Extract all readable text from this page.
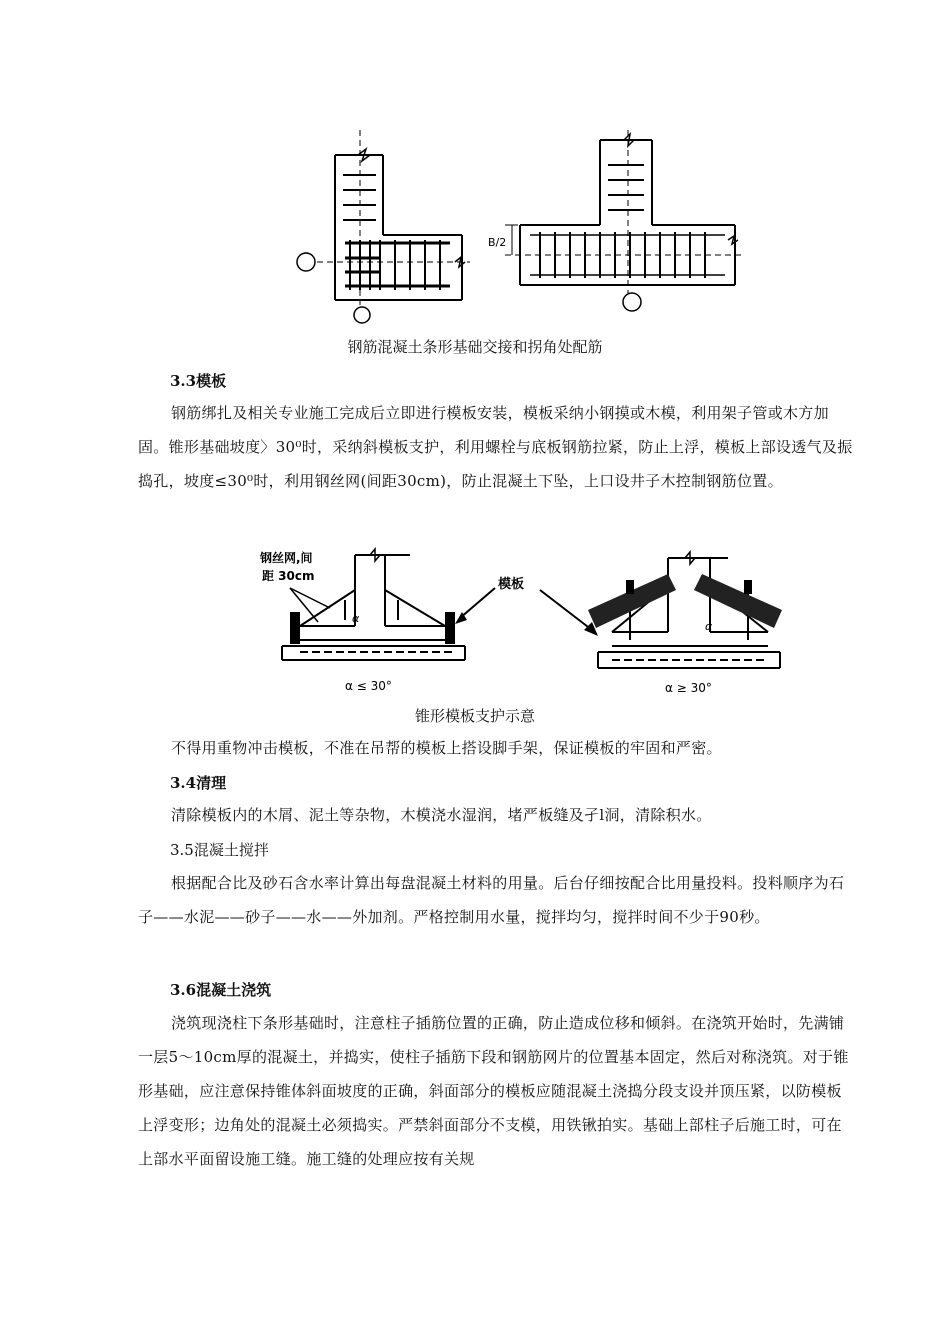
B/2
钢筋混凝土条形基础交接和拐角处配筋
3.3模板
钢筋绑扎及相关专业施工完成后立即进行模板安装，模板采纳小钢摸或木模，利用架子管或木方加固。锥形基础坡度〉30⁰时，采纳斜模板支护，利用螺栓与底板钢筋拉紧，防止上浮，模板上部设透气及振捣孔，坡度≤30⁰时，利用钢丝网(间距30cm)，防止混凝土下坠，上口设井子木控制钢筋位置。
钢丝网,间
距 30cm
α
α ≤ 30°
模板
α
α ≥ 30°
锥形模板支护示意
不得用重物冲击模板，不准在吊帮的模板上搭设脚手架，保证模板的牢固和严密。
3.4清理
清除模板内的木屑、泥土等杂物，木模浇水湿润，堵严板缝及孑l洞，清除积水。
3.5混凝土搅拌
根据配合比及砂石含水率计算出每盘混凝土材料的用量。后台仔细按配合比用量投料。投料顺序为石子——水泥——砂子——水——外加剂。严格控制用水量，搅拌均匀，搅拌时间不少于90秒。
3.6混凝土浇筑
浇筑现浇柱下条形基础时，注意柱子插筋位置的正确，防止造成位移和倾斜。在浇筑开始时，先满铺一层5～10cm厚的混凝土，并捣实，使柱子插筋下段和钢筋网片的位置基本固定，然后对称浇筑。对于锥形基础，应注意保持锥体斜面坡度的正确，斜面部分的模板应随混凝土浇捣分段支设并顶压紧，以防模板上浮变形；边角处的混凝土必须捣实。严禁斜面部分不支模，用铁锹拍实。基础上部柱子后施工时，可在上部水平面留设施工缝。施工缝的处理应按有关规
